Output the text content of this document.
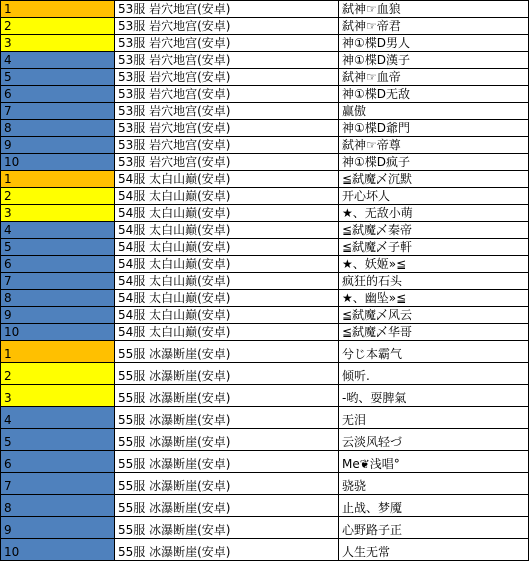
1	53服 岩穴地宫(安卓)	弑神☞血狼
2	53服 岩穴地宫(安卓)	弑神☞帝君
3	53服 岩穴地宫(安卓)	神①楪D男人
4	53服 岩穴地宫(安卓)	神①楪D漢子
5	53服 岩穴地宫(安卓)	弑神☞血帝
6	53服 岩穴地宫(安卓)	神①楪D无敌
7	53服 岩穴地宫(安卓)	赢傲
8	53服 岩穴地宫(安卓)	神①楪D爺門
9	53服 岩穴地宫(安卓)	弑神☞帝尊
10	53服 岩穴地宫(安卓)	神①楪D疯子
1	54服 太白山巅(安卓)	≦弑魔乄沉默
2	54服 太白山巅(安卓)	开心坏人
3	54服 太白山巅(安卓)	★、无敌小萌
4	54服 太白山巅(安卓)	≦弑魔乄秦帝
5	54服 太白山巅(安卓)	≦弑魔乄子軒
6	54服 太白山巅(安卓)	★、妖姬»≦
7	54服 太白山巅(安卓)	疯狂的石头
8	54服 太白山巅(安卓)	★、幽坠»≦
9	54服 太白山巅(安卓)	≦弑魔乄风云
10	54服 太白山巅(安卓)	≦弑魔乄华哥
1	55服 冰瀑断崖(安卓)	兮じ本霸气
2	55服 冰瀑断崖(安卓)	倾听.
3	55服 冰瀑断崖(安卓)	-哟、耍脾氣
4	55服 冰瀑断崖(安卓)	无泪
5	55服 冰瀑断崖(安卓)	云淡风轻づ
6	55服 冰瀑断崖(安卓)	Me❦浅唱°
7	55服 冰瀑断崖(安卓)	骁骁
8	55服 冰瀑断崖(安卓)	止战、梦魇
9	55服 冰瀑断崖(安卓)	心野路子正
10	55服 冰瀑断崖(安卓)	人生无常
